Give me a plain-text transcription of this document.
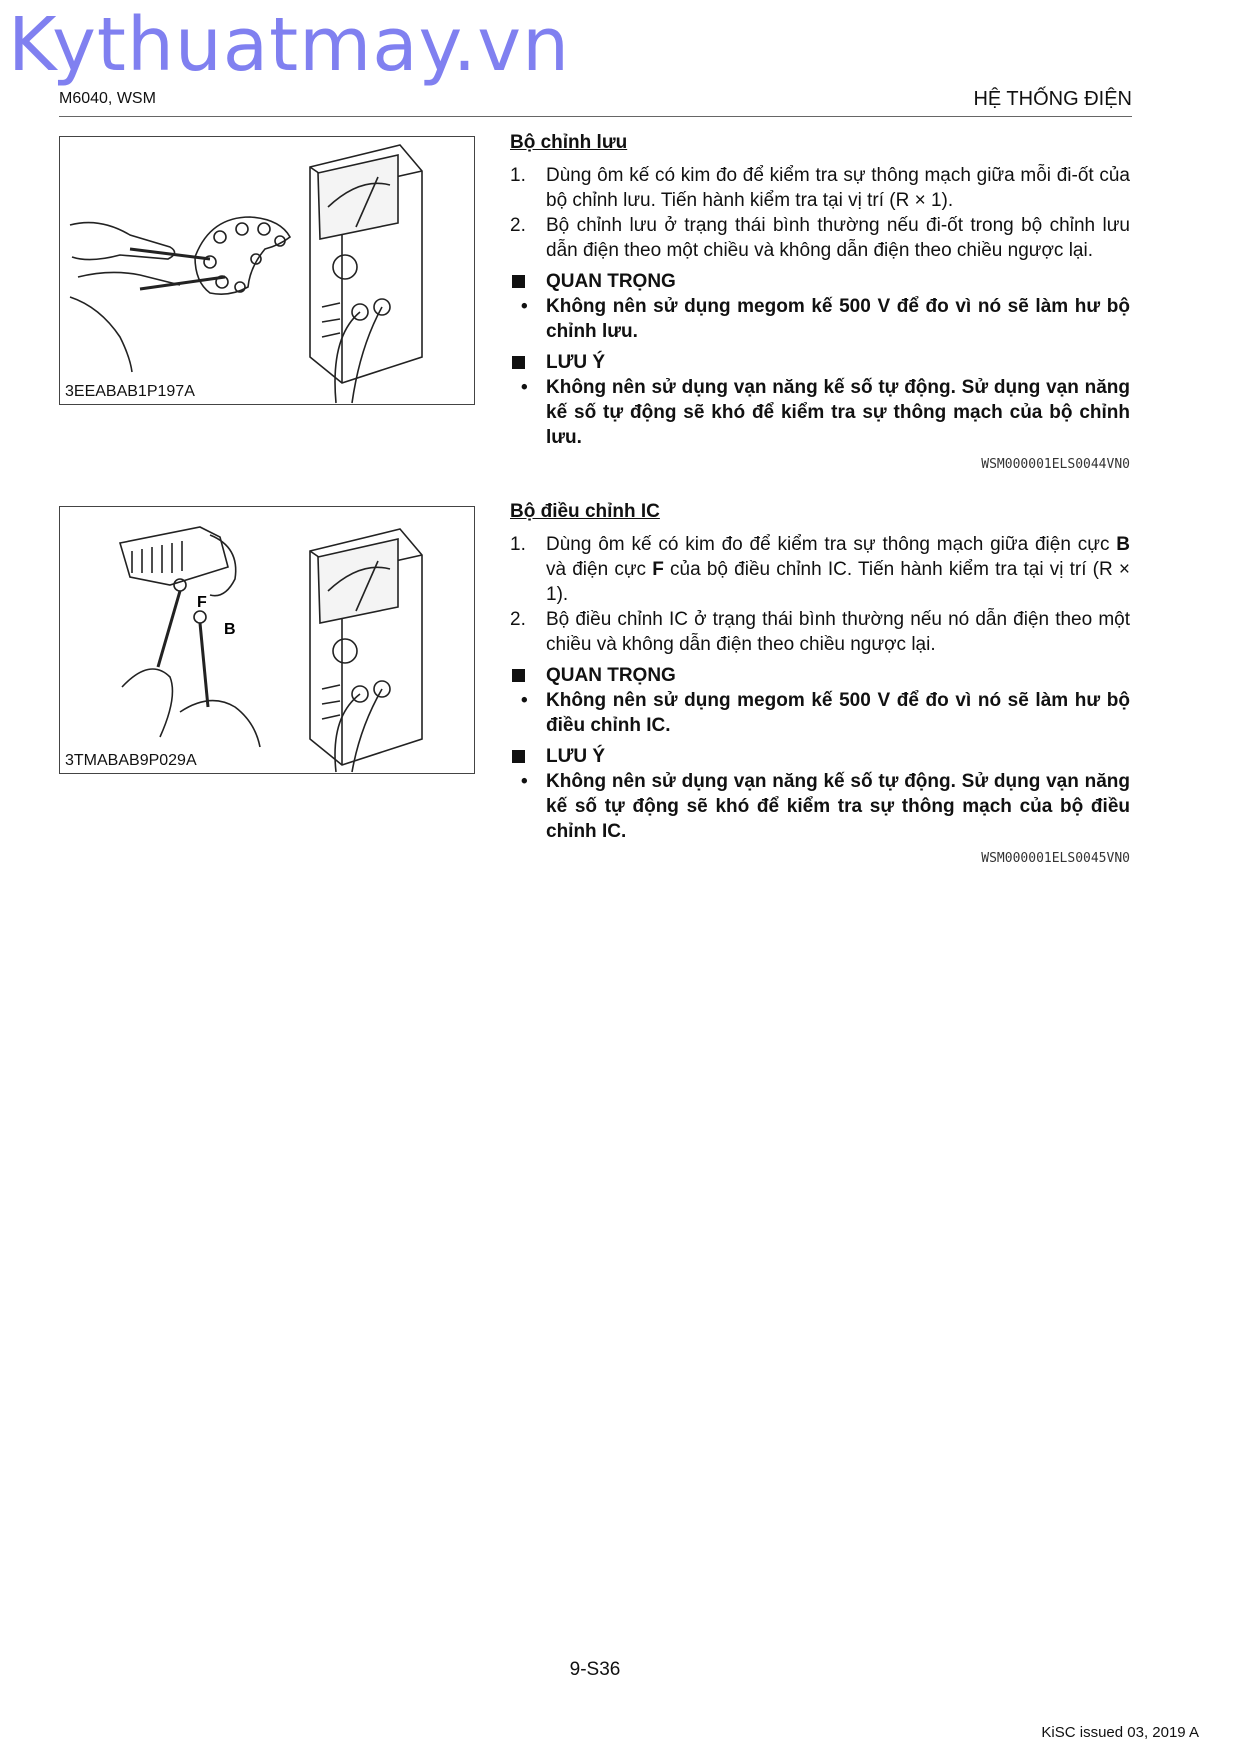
Kythuatmay.vn
M6040, WSM	HỆ THỐNG ĐIỆN
3EEABAB1P197A
F
B
3TMABAB9P029A
Bộ chỉnh lưu
1. Dùng ôm kế có kim đo để kiểm tra sự thông mạch giữa mỗi đi-ốt của bộ chỉnh lưu. Tiến hành kiểm tra tại vị trí (R × 1).
2. Bộ chỉnh lưu ở trạng thái bình thường nếu đi-ốt trong bộ chỉnh lưu dẫn điện theo một chiều và không dẫn điện theo chiều ngược lại.
QUAN TRỌNG
• Không nên sử dụng megom kế 500 V để đo vì nó sẽ làm hư bộ chỉnh lưu.
LƯU Ý
• Không nên sử dụng vạn năng kế số tự động. Sử dụng vạn năng kế số tự động sẽ khó để kiểm tra sự thông mạch của bộ chỉnh lưu.
WSM000001ELS0044VN0
Bộ điều chỉnh IC
1. Dùng ôm kế có kim đo để kiểm tra sự thông mạch giữa điện cực B và điện cực F của bộ điều chỉnh IC. Tiến hành kiểm tra tại vị trí (R × 1).
2. Bộ điều chỉnh IC ở trạng thái bình thường nếu nó dẫn điện theo một chiều và không dẫn điện theo chiều ngược lại.
QUAN TRỌNG
• Không nên sử dụng megom kế 500 V để đo vì nó sẽ làm hư bộ điều chỉnh IC.
LƯU Ý
• Không nên sử dụng vạn năng kế số tự động. Sử dụng vạn năng kế số tự động sẽ khó để kiểm tra sự thông mạch của bộ điều chỉnh IC.
WSM000001ELS0045VN0
9-S36
KiSC issued 03, 2019 A
